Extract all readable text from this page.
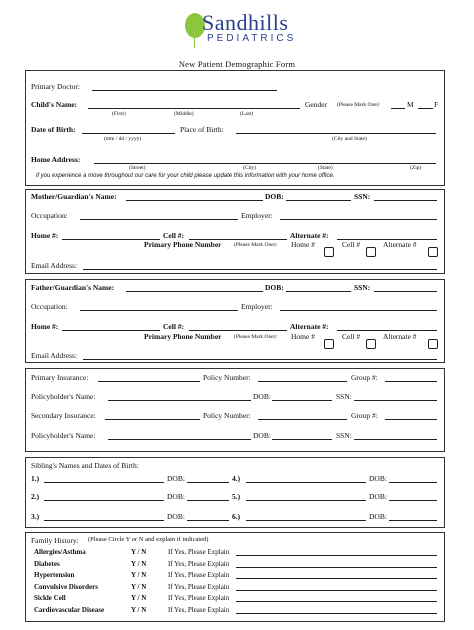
Sandhills
PEDIATRICS
New Patient Demographic Form
Primary Doctor:
Child's Name:	Gender (Please Mark One):	M	F
(First)	(Middle)	(Last)
Date of Birth:	Place of Birth:
(mm / dd / yyyy)	(City and State)
Home Address:
(Street)	(City)	(State)	(Zip)
if you experience a move throughout our care for your child please update this information with your home office.
Mother/Guardian's Name:	DOB:	SSN:
Occupation:	Employer:
Home #:	Cell #:	Alternate #:
Primary Phone Number (Please Mark One): Home #	Cell #	Alternate #
Email Address:
Father/Guardian's Name:	DOB:	SSN:
Occupation:	Employer:
Home #:	Cell #:	Alternate #:
Primary Phone Number (Please Mark One): Home #	Cell #	Alternate #
Email Address:
Primary Insurance:	Policy Number:	Group #:
Policyholder's Name:	DOB:	SSN:
Secondary Insurance:	Policy Number:	Group #:
Policyholder's Name:	DOB:	SSN:
Sibling's Names and Dates of Birth:
1.)	DOB:	4.)	DOB:
2.)	DOB:	5.)	DOB:
3.)	DOB:	6.)	DOB:
Family History: (Please Circle Y or N and explain if indicated)
Allergies/Asthma	Y / N	If Yes, Please Explain
Diabetes	Y / N	If Yes, Please Explain
Hypertension	Y / N	If Yes, Please Explain
Convulsive Disorders	Y / N	If Yes, Please Explain
Sickle Cell	Y / N	If Yes, Please Explain
Cardiovascular Disease	Y / N	If Yes, Please Explain
